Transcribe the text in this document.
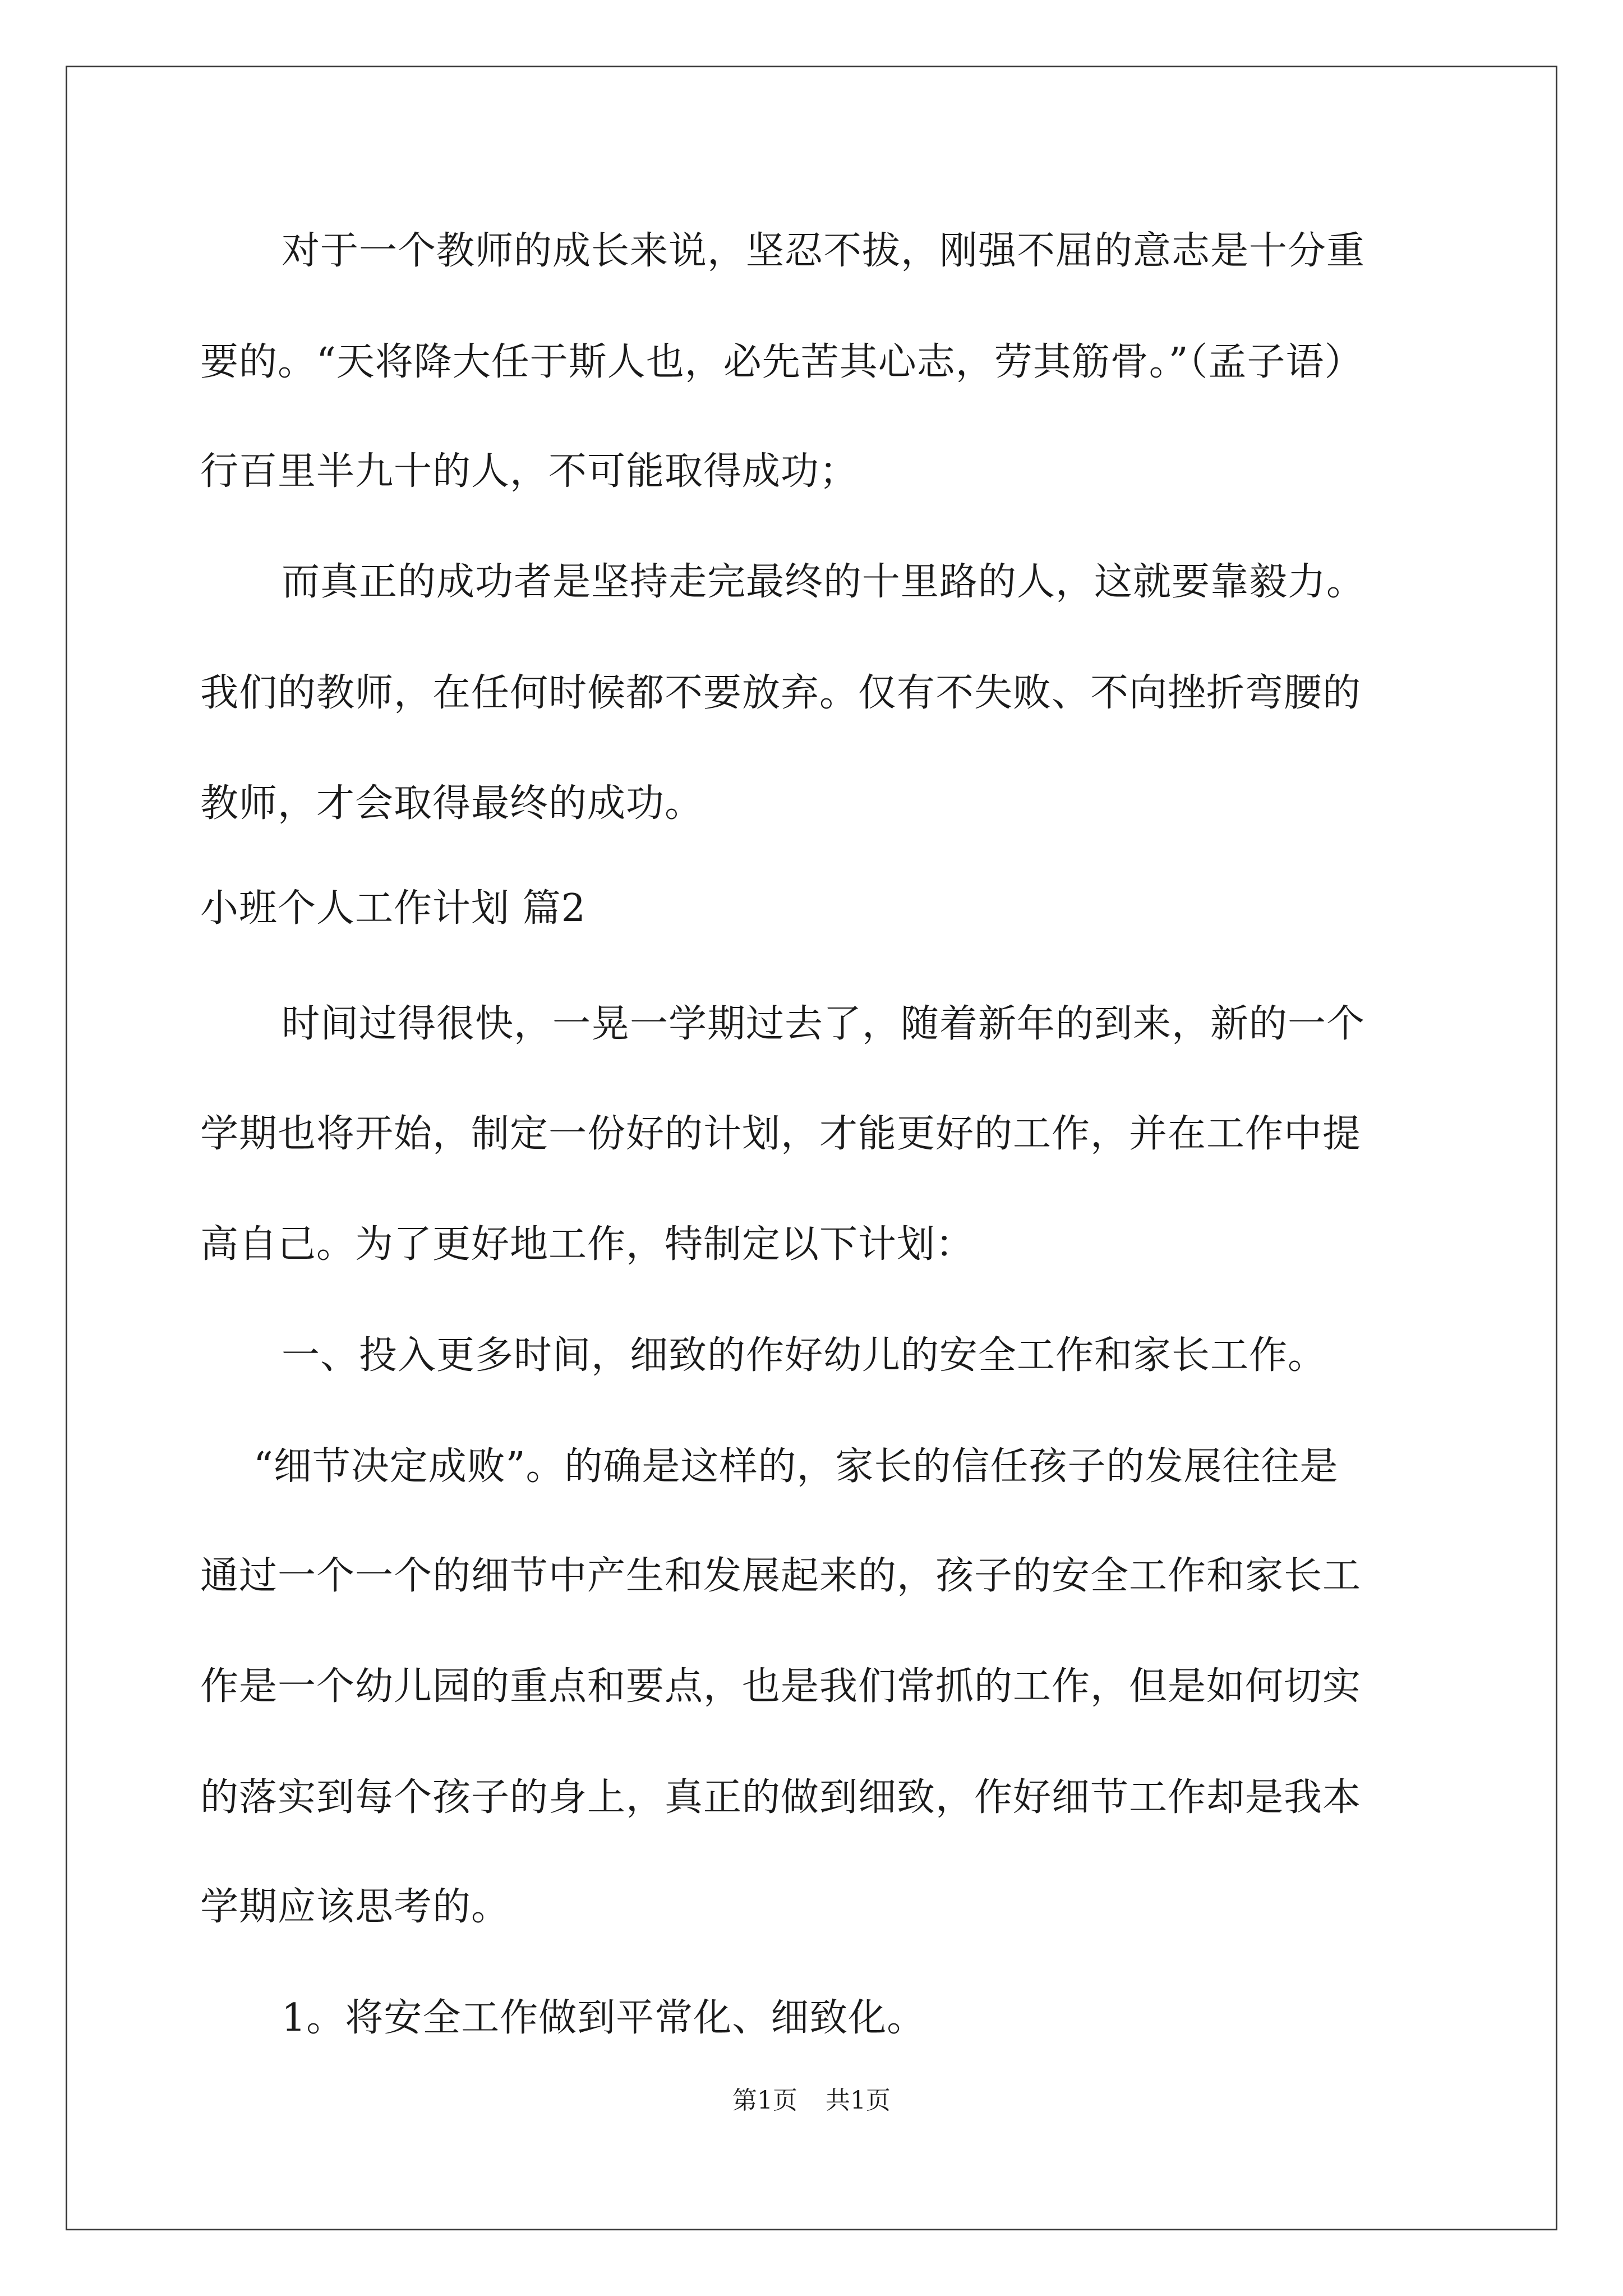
对于一个教师的成长来说，坚忍不拔，刚强不屈的意志是十分重
要的。“天将降大任于斯人也，必先苦其心志，劳其筋骨。”（孟子语）
行百里半九十的人，不可能取得成功；
而真正的成功者是坚持走完最终的十里路的人，这就要靠毅力。
我们的教师，在任何时候都不要放弃。仅有不失败、不向挫折弯腰的
教师，才会取得最终的成功。
小班个人工作计划 篇2
时间过得很快，一晃一学期过去了，随着新年的到来，新的一个
学期也将开始，制定一份好的计划，才能更好的工作，并在工作中提
高自己。为了更好地工作，特制定以下计划：
一、投入更多时间，细致的作好幼儿的安全工作和家长工作。
“细节决定成败”。的确是这样的，家长的信任孩子的发展往往是
通过一个一个的细节中产生和发展起来的，孩子的安全工作和家长工
作是一个幼儿园的重点和要点，也是我们常抓的工作，但是如何切实
的落实到每个孩子的身上，真正的做到细致，作好细节工作却是我本
学期应该思考的。
1。将安全工作做到平常化、细致化。
第1页 共1页
